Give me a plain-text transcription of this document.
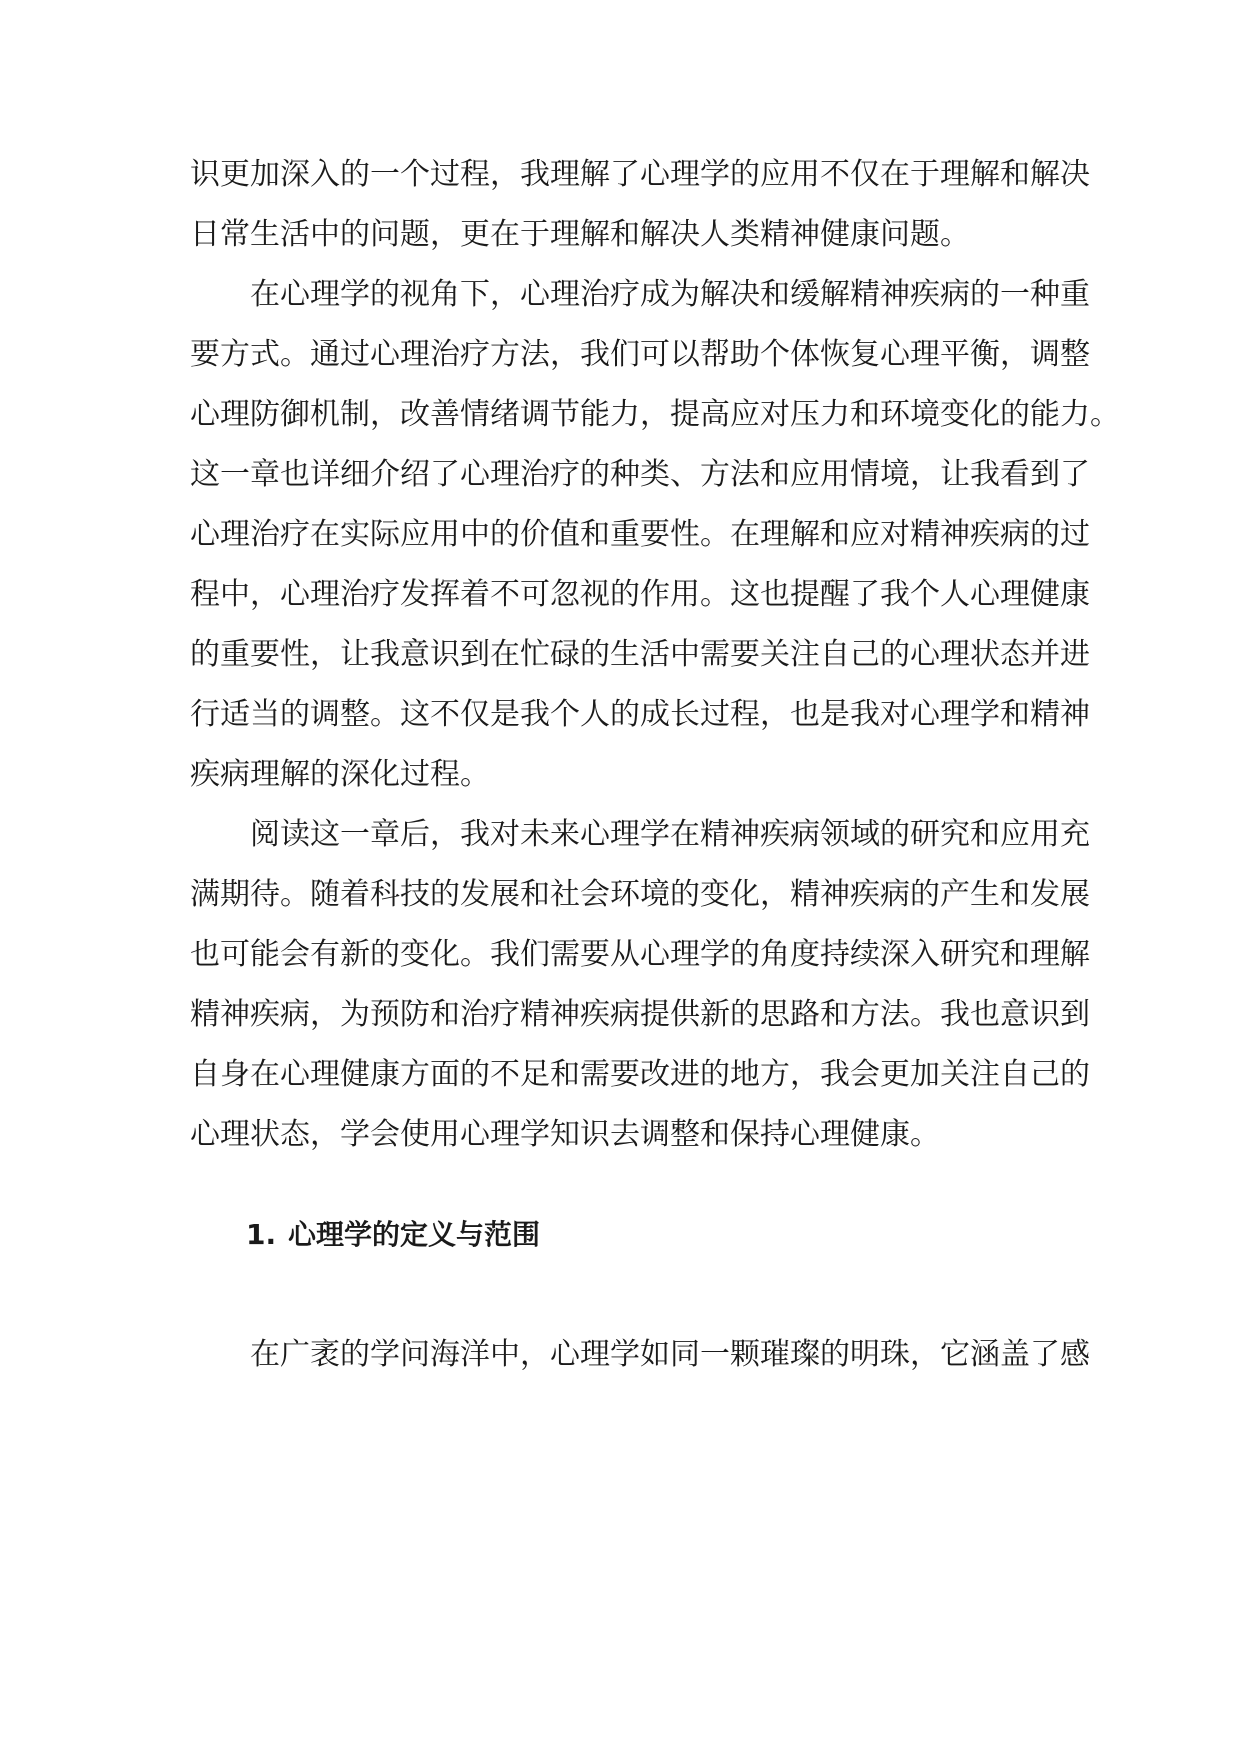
识更加深入的一个过程，我理解了心理学的应用不仅在于理解和解决
日常生活中的问题，更在于理解和解决人类精神健康问题。
在心理学的视角下，心理治疗成为解决和缓解精神疾病的一种重
要方式。通过心理治疗方法，我们可以帮助个体恢复心理平衡，调整
心理防御机制，改善情绪调节能力，提高应对压力和环境变化的能力。
这一章也详细介绍了心理治疗的种类、方法和应用情境，让我看到了
心理治疗在实际应用中的价值和重要性。在理解和应对精神疾病的过
程中，心理治疗发挥着不可忽视的作用。这也提醒了我个人心理健康
的重要性，让我意识到在忙碌的生活中需要关注自己的心理状态并进
行适当的调整。这不仅是我个人的成长过程，也是我对心理学和精神
疾病理解的深化过程。
阅读这一章后，我对未来心理学在精神疾病领域的研究和应用充
满期待。随着科技的发展和社会环境的变化，精神疾病的产生和发展
也可能会有新的变化。我们需要从心理学的角度持续深入研究和理解
精神疾病，为预防和治疗精神疾病提供新的思路和方法。我也意识到
自身在心理健康方面的不足和需要改进的地方，我会更加关注自己的
心理状态，学会使用心理学知识去调整和保持心理健康。
1. 心理学的定义与范围
在广袤的学问海洋中，心理学如同一颗璀璨的明珠，它涵盖了感
